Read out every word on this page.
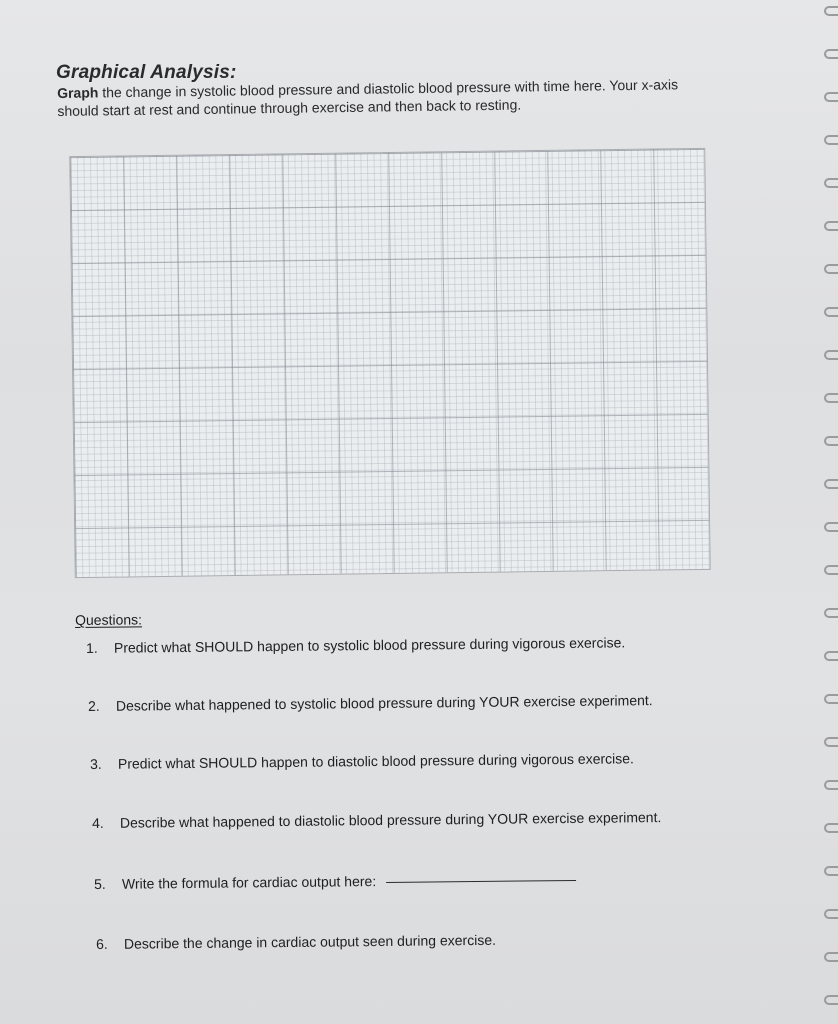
Graphical Analysis:
Graph the change in systolic blood pressure and diastolic blood pressure with time here. Your x-axis should start at rest and continue through exercise and then back to resting.
Questions:
1. Predict what SHOULD happen to systolic blood pressure during vigorous exercise.
2. Describe what happened to systolic blood pressure during YOUR exercise experiment.
3. Predict what SHOULD happen to diastolic blood pressure during vigorous exercise.
4. Describe what happened to diastolic blood pressure during YOUR exercise experiment.
5. Write the formula for cardiac output here:
6. Describe the change in cardiac output seen during exercise.
